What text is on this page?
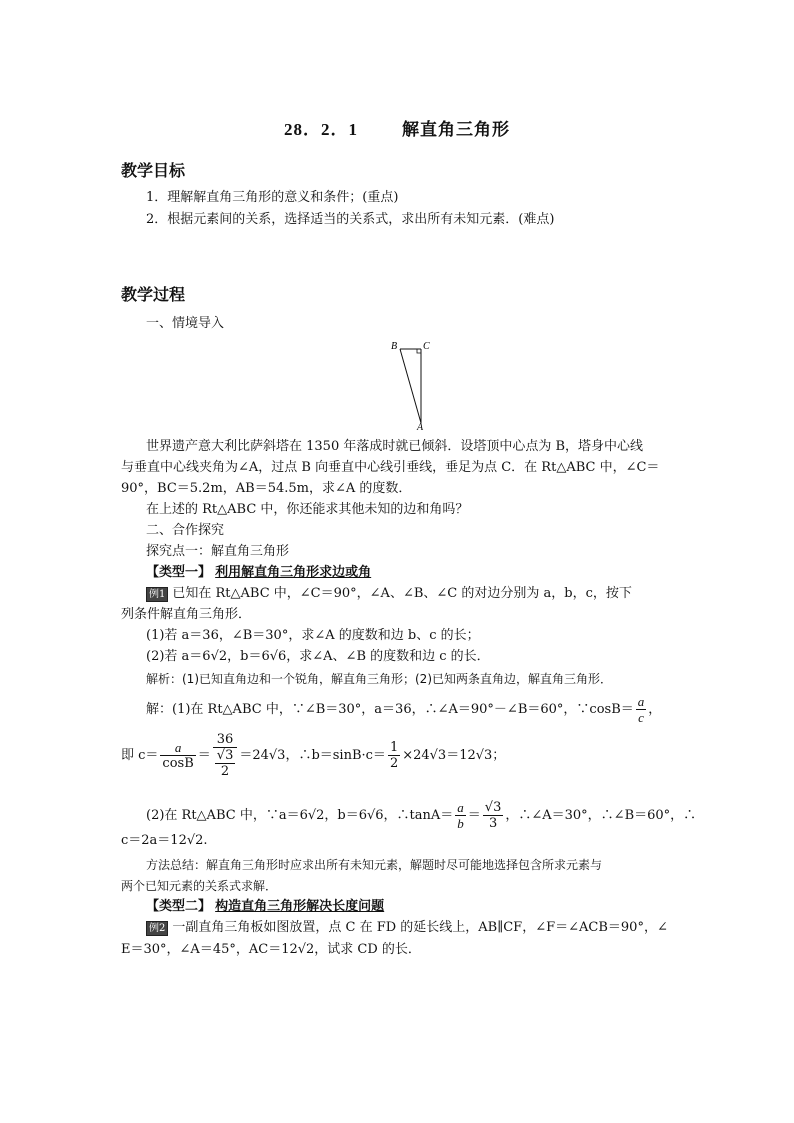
28．2．1	解直角三角形
教学目标
1．理解解直角三角形的意义和条件；(重点)
2．根据元素间的关系，选择适当的关系式，求出所有未知元素．(难点)
教学过程
一、情境导入
B	C
A
世界遗产意大利比萨斜塔在 1350 年落成时就已倾斜．设塔顶中心点为 B，塔身中心线
与垂直中心线夹角为∠A，过点 B 向垂直中心线引垂线，垂足为点 C．在 Rt△ABC 中，∠C＝
90°，BC＝5.2m，AB＝54.5m，求∠A 的度数．
在上述的 Rt△ABC 中，你还能求其他未知的边和角吗？
二、合作探究
探究点一：解直角三角形
【类型一】 利用解直角三角形求边或角
例1 已知在 Rt△ABC 中，∠C＝90°，∠A、∠B、∠C 的对边分别为 a，b，c，按下
列条件解直角三角形．
(1)若 a＝36，∠B＝30°，求∠A 的度数和边 b、c 的长；
(2)若 a＝6√2，b＝6√6，求∠A、∠B 的度数和边 c 的长．
解析：(1)已知直角边和一个锐角，解直角三角形；(2)已知两条直角边，解直角三角形．
解：(1)在 Rt△ABC 中，∵∠B＝30°，a＝36，∴∠A＝90°－∠B＝60°，∵cosB＝ $\frac{a}{c}$ ，
即 $c= \frac{a}{\cos B} = \frac{36}{\frac{√3}{2}} =24√3$，∴b＝sinB·c＝ $\frac{1}{2} \times 24√3=12√3$；
(2)在 Rt△ABC 中，∵a＝6√2，b＝6√6，∴tanA＝ $\frac{a}{b} = \frac{√3}{3}$ ，∴∠A＝30°，∴∠B＝60°，∴
c＝2a＝12√2.
方法总结：解直角三角形时应求出所有未知元素，解题时尽可能地选择包含所求元素与
两个已知元素的关系式求解．
【类型二】 构造直角三角形解决长度问题
例2 一副直角三角板如图放置，点 C 在 FD 的延长线上，AB∥CF，∠F＝∠ACB＝90°，∠
E＝30°，∠A＝45°，AC＝12√2，试求 CD 的长．
